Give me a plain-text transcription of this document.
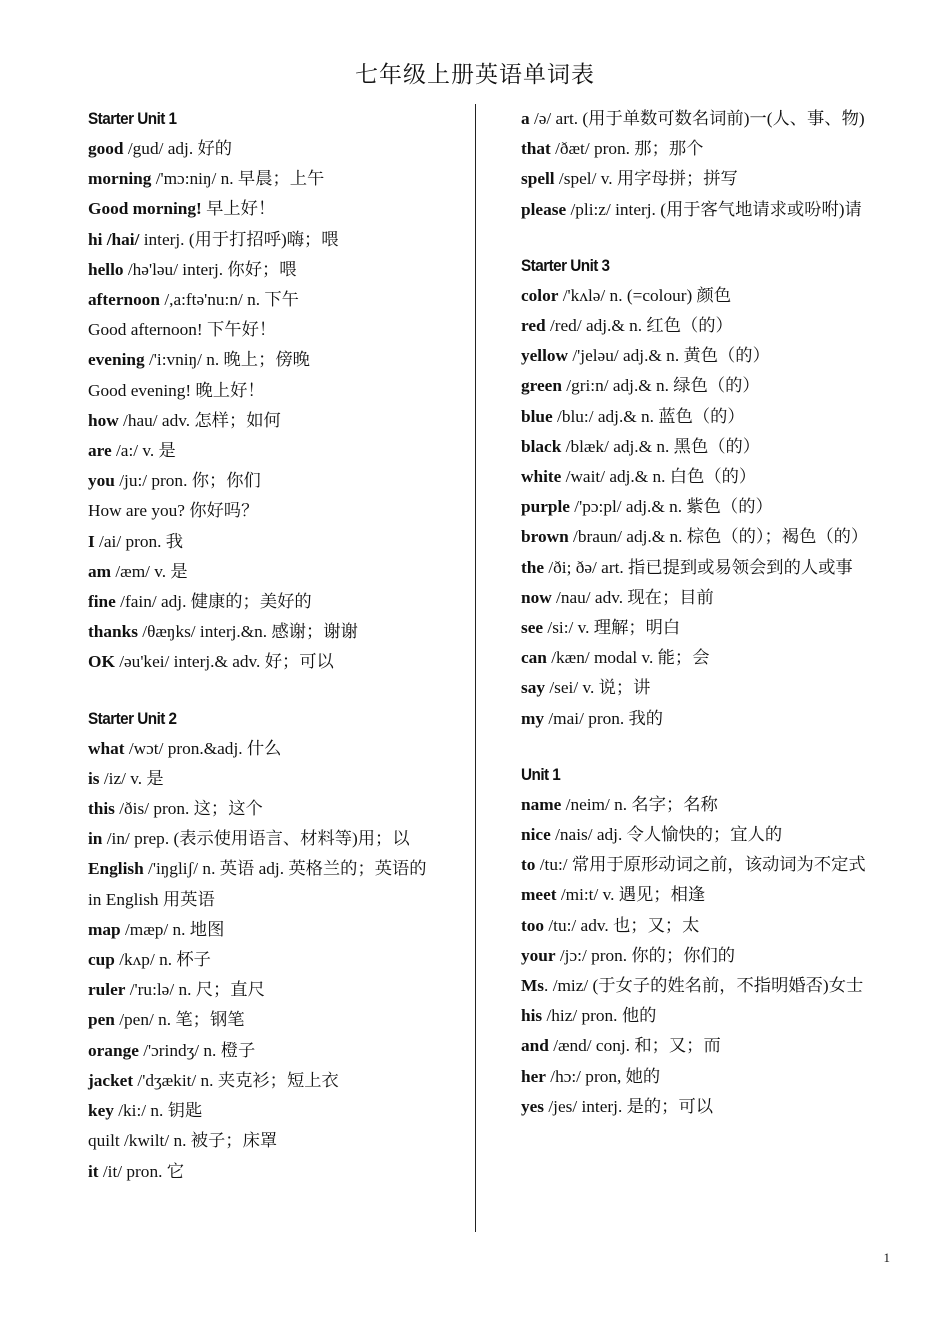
七年级上册英语单词表
Starter Unit 1
good /gud/ adj. 好的
morning /'mɔ:niŋ/ n. 早晨；上午
Good morning! 早上好！
hi /hai/ interj. (用于打招呼)嗨；喂
hello /hə'ləu/ interj. 你好；喂
afternoon /,a:ftə'nu:n/ n. 下午
Good afternoon! 下午好！
evening /'i:vniŋ/ n. 晚上；傍晚
Good evening! 晚上好！
how /hau/ adv. 怎样；如何
are /a:/ v. 是
you /ju:/ pron. 你；你们
How are you? 你好吗？
I /ai/ pron. 我
am /æm/ v. 是
fine /fain/ adj. 健康的；美好的
thanks /θæŋks/ interj.&n. 感谢；谢谢
OK /əu'kei/ interj.& adv. 好；可以
Starter Unit 2
what /wɔt/ pron.&adj. 什么
is /iz/ v. 是
this /ðis/ pron. 这；这个
in /in/ prep. (表示使用语言、材料等)用；以
English /'iŋgliʃ/ n. 英语 adj. 英格兰的；英语的
in English 用英语
map /mæp/ n. 地图
cup /kʌp/ n. 杯子
ruler /'ru:lə/ n. 尺；直尺
pen /pen/ n. 笔；钢笔
orange /'ɔrindʒ/ n. 橙子
jacket /'dʒækit/ n. 夹克衫；短上衣
key /ki:/ n. 钥匙
quilt /kwilt/ n. 被子；床罩
it /it/ pron. 它
a /ə/ art. (用于单数可数名词前)一(人、事、物)
that /ðæt/ pron. 那；那个
spell /spel/ v. 用字母拼；拼写
please /pli:z/ interj. (用于客气地请求或吩咐)请
Starter Unit 3
color /'kʌlə/ n. (=colour) 颜色
red /red/ adj.& n. 红色（的）
yellow /'jeləu/ adj.& n. 黄色（的）
green /gri:n/ adj.& n. 绿色（的）
blue /blu:/ adj.& n. 蓝色（的）
black /blæk/ adj.& n. 黑色（的）
white /wait/ adj.& n. 白色（的）
purple /'pɔ:pl/ adj.& n. 紫色（的）
brown /braun/ adj.& n. 棕色（的）；褐色（的）
the /ði; ðə/ art. 指已提到或易领会到的人或事
now /nau/ adv. 现在；目前
see /si:/ v. 理解；明白
can /kæn/ modal v. 能；会
say /sei/ v. 说；讲
my /mai/ pron. 我的
Unit 1
name /neim/ n. 名字；名称
nice /nais/ adj. 令人愉快的；宜人的
to /tu:/ 常用于原形动词之前，该动词为不定式
meet /mi:t/ v. 遇见；相逢
too /tu:/ adv. 也；又；太
your /jɔ:/ pron. 你的；你们的
Ms. /miz/ (于女子的姓名前，不指明婚否)女士
his /hiz/ pron. 他的
and /ænd/ conj. 和；又；而
her /hɔ:/ pron, 她的
yes /jes/ interj. 是的；可以
1
